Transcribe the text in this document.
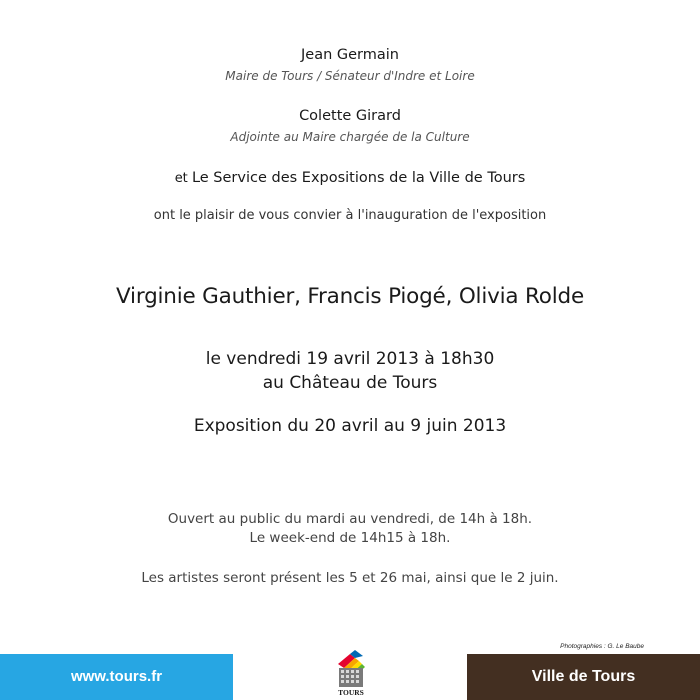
Jean Germain
Maire de Tours / Sénateur d'Indre et Loire
Colette Girard
Adjointe au Maire chargée de la Culture
et Le Service des Expositions de la Ville de Tours
ont le plaisir de vous convier à l'inauguration de l'exposition
Virginie Gauthier, Francis Piogé, Olivia Rolde
le vendredi 19 avril 2013 à 18h30
au Château de Tours
Exposition du 20 avril au 9 juin 2013
Ouvert au public du mardi au vendredi, de 14h à 18h.
Le week-end de 14h15 à 18h.
Les artistes seront présent les 5 et 26 mai, ainsi que le 2 juin.
Photographies : G. Le Baube
www.tours.fr
TOURS
Ville de Tours
